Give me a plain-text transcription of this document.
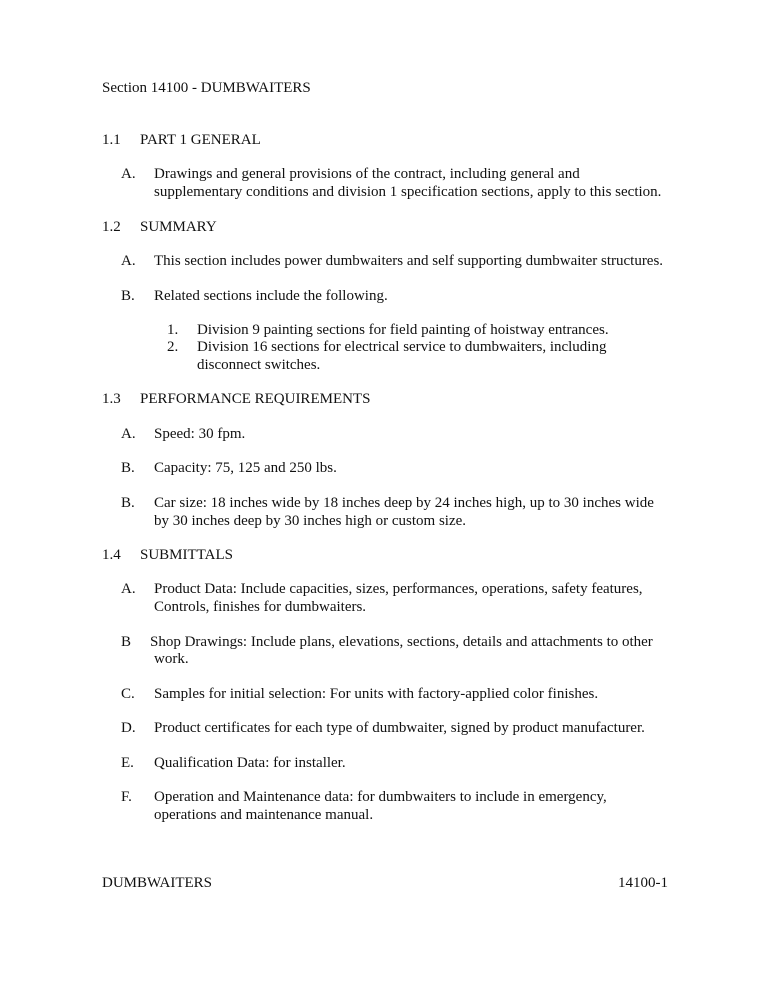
Section 14100 - DUMBWAITERS
1.1 PART 1 GENERAL
A. Drawings and general provisions of the contract, including general and
supplementary conditions and division 1 specification sections, apply to this section.
1.2 SUMMARY
A. This section includes power dumbwaiters and self supporting dumbwaiter structures.
B. Related sections include the following.
1. Division 9 painting sections for field painting of hoistway entrances.
2. Division 16 sections for electrical service to dumbwaiters, including
disconnect switches.
1.3 PERFORMANCE REQUIREMENTS
A. Speed: 30 fpm.
B. Capacity: 75, 125 and 250 lbs.
B. Car size: 18 inches wide by 18 inches deep by 24 inches high, up to 30 inches wide
by 30 inches deep by 30 inches high or custom size.
1.4 SUBMITTALS
A. Product Data: Include capacities, sizes, performances, operations, safety features,
Controls, finishes for dumbwaiters.
B Shop Drawings: Include plans, elevations, sections, details and attachments to other
work.
C. Samples for initial selection: For units with factory-applied color finishes.
D. Product certificates for each type of dumbwaiter, signed by product manufacturer.
E. Qualification Data: for installer.
F. Operation and Maintenance data: for dumbwaiters to include in emergency,
operations and maintenance manual.
DUMBWAITERS	14100-1
